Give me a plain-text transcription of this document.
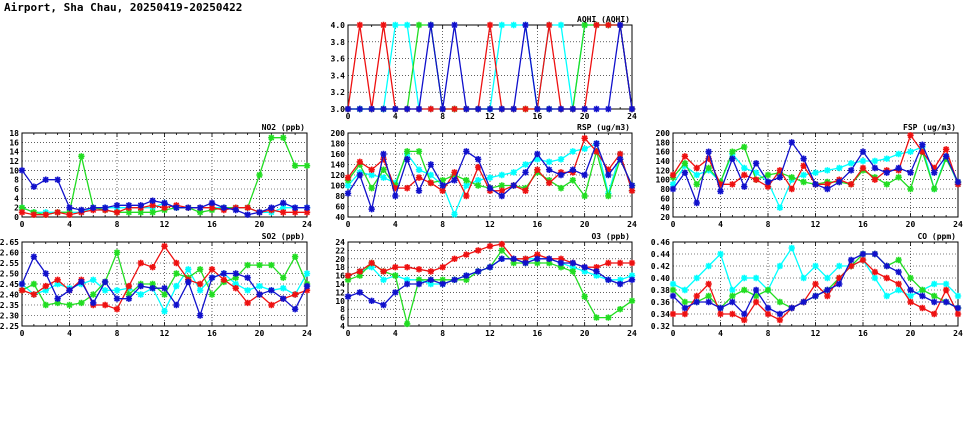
Airport, Sha Chau, 20250419-20250422
3.0
3.2
3.4
3.6
3.8
4.0
0	4	8	12	16	20	24
AQHI (AQHI)
0
2
4
6
8
10
12
14
16
18
0	4	8	12	16	20	24
NO2 (ppb)
40
60
80
100
120
140
160
180
200
0	4	8	12	16	20	24
RSP (ug/m3)
20
40
60
80
100
120
140
160
180
200
0	4	8	12	16	20	24
FSP (ug/m3)
2.25
2.30
2.35
2.40
2.45
2.50
2.55
2.60
2.65
0	4	8	12	16	20	24
SO2 (ppb)
4
6
8
10
12
14
16
18
20
22
24
0	4	8	12	16	20	24
O3 (ppb)
0.32
0.34
0.36
0.38
0.40
0.42
0.44
0.46
0	4	8	12	16	20	24
CO (ppm)
